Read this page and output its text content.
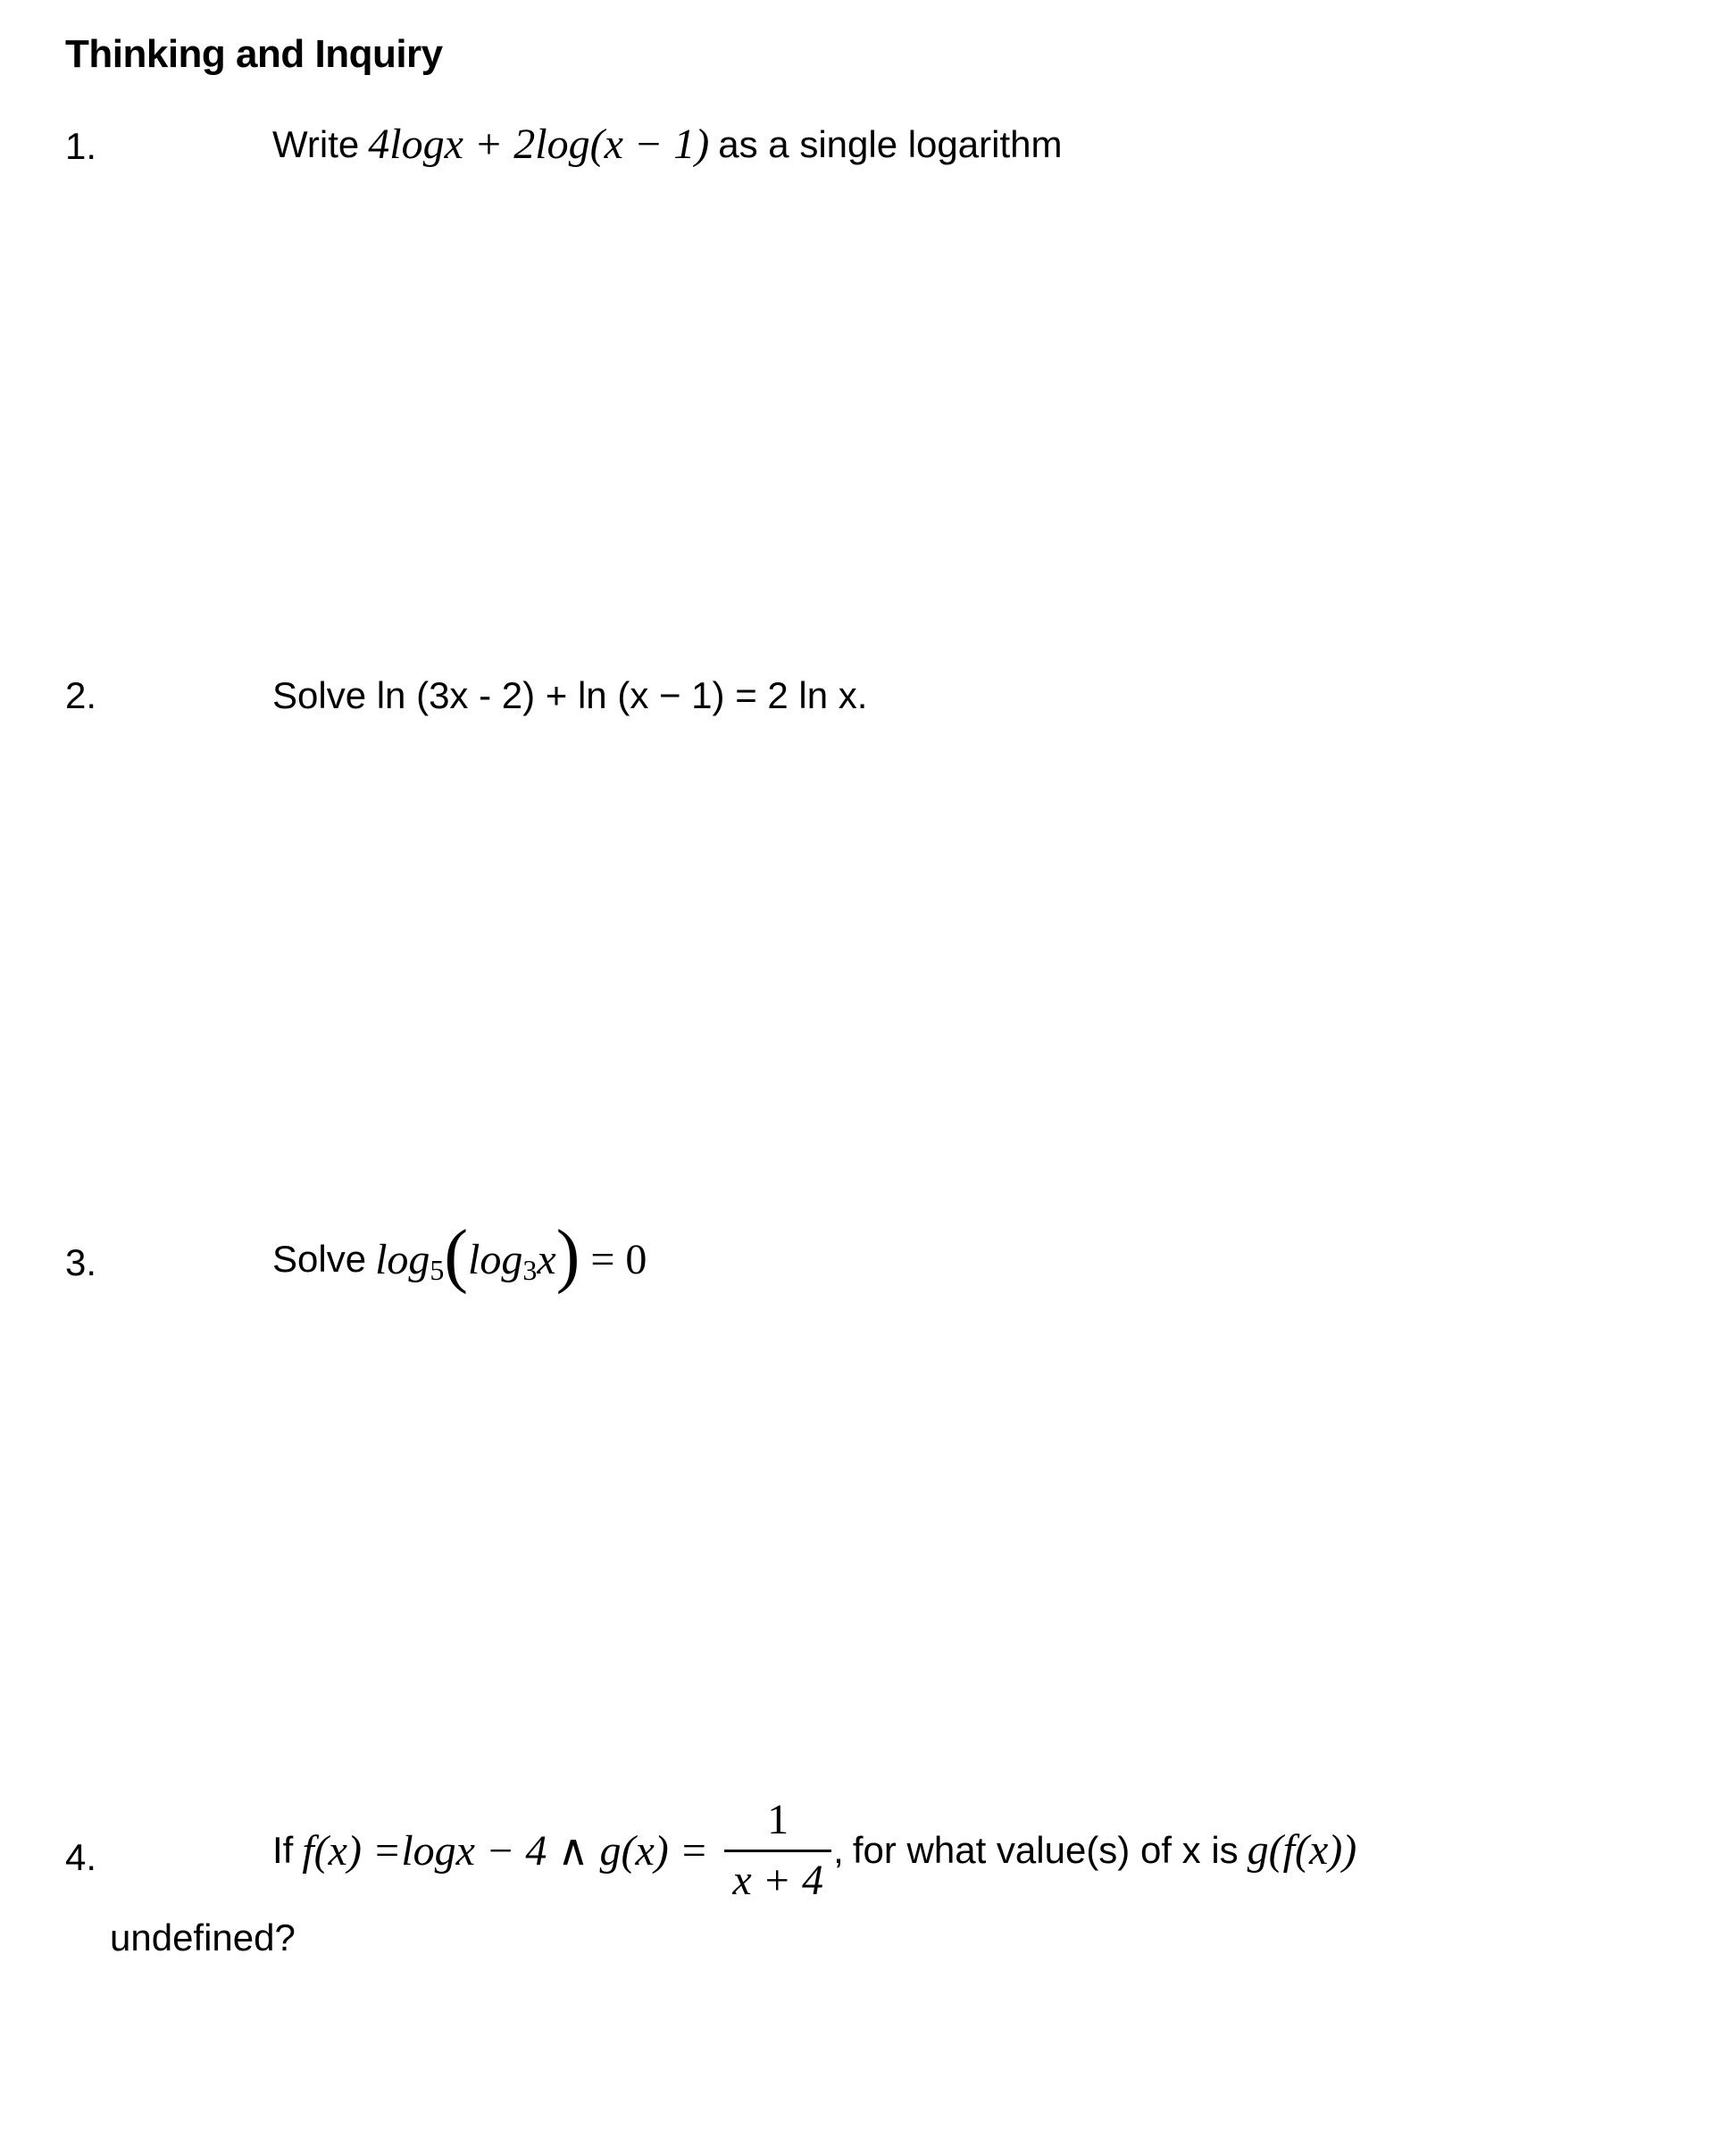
Thinking and Inquiry
1.	Write 4logx + 2log(x − 1) as a single logarithm
2.	Solve ln (3x - 2) + ln (x − 1) = 2 ln x.
3.	Solve log 5 ( log 3 x )
= 0
4.	If f(x) =logx − 4 ∧ $g(x) = \frac{1}{x + 4}$ , for what value(s) of x is g(f(x))
undefined?
